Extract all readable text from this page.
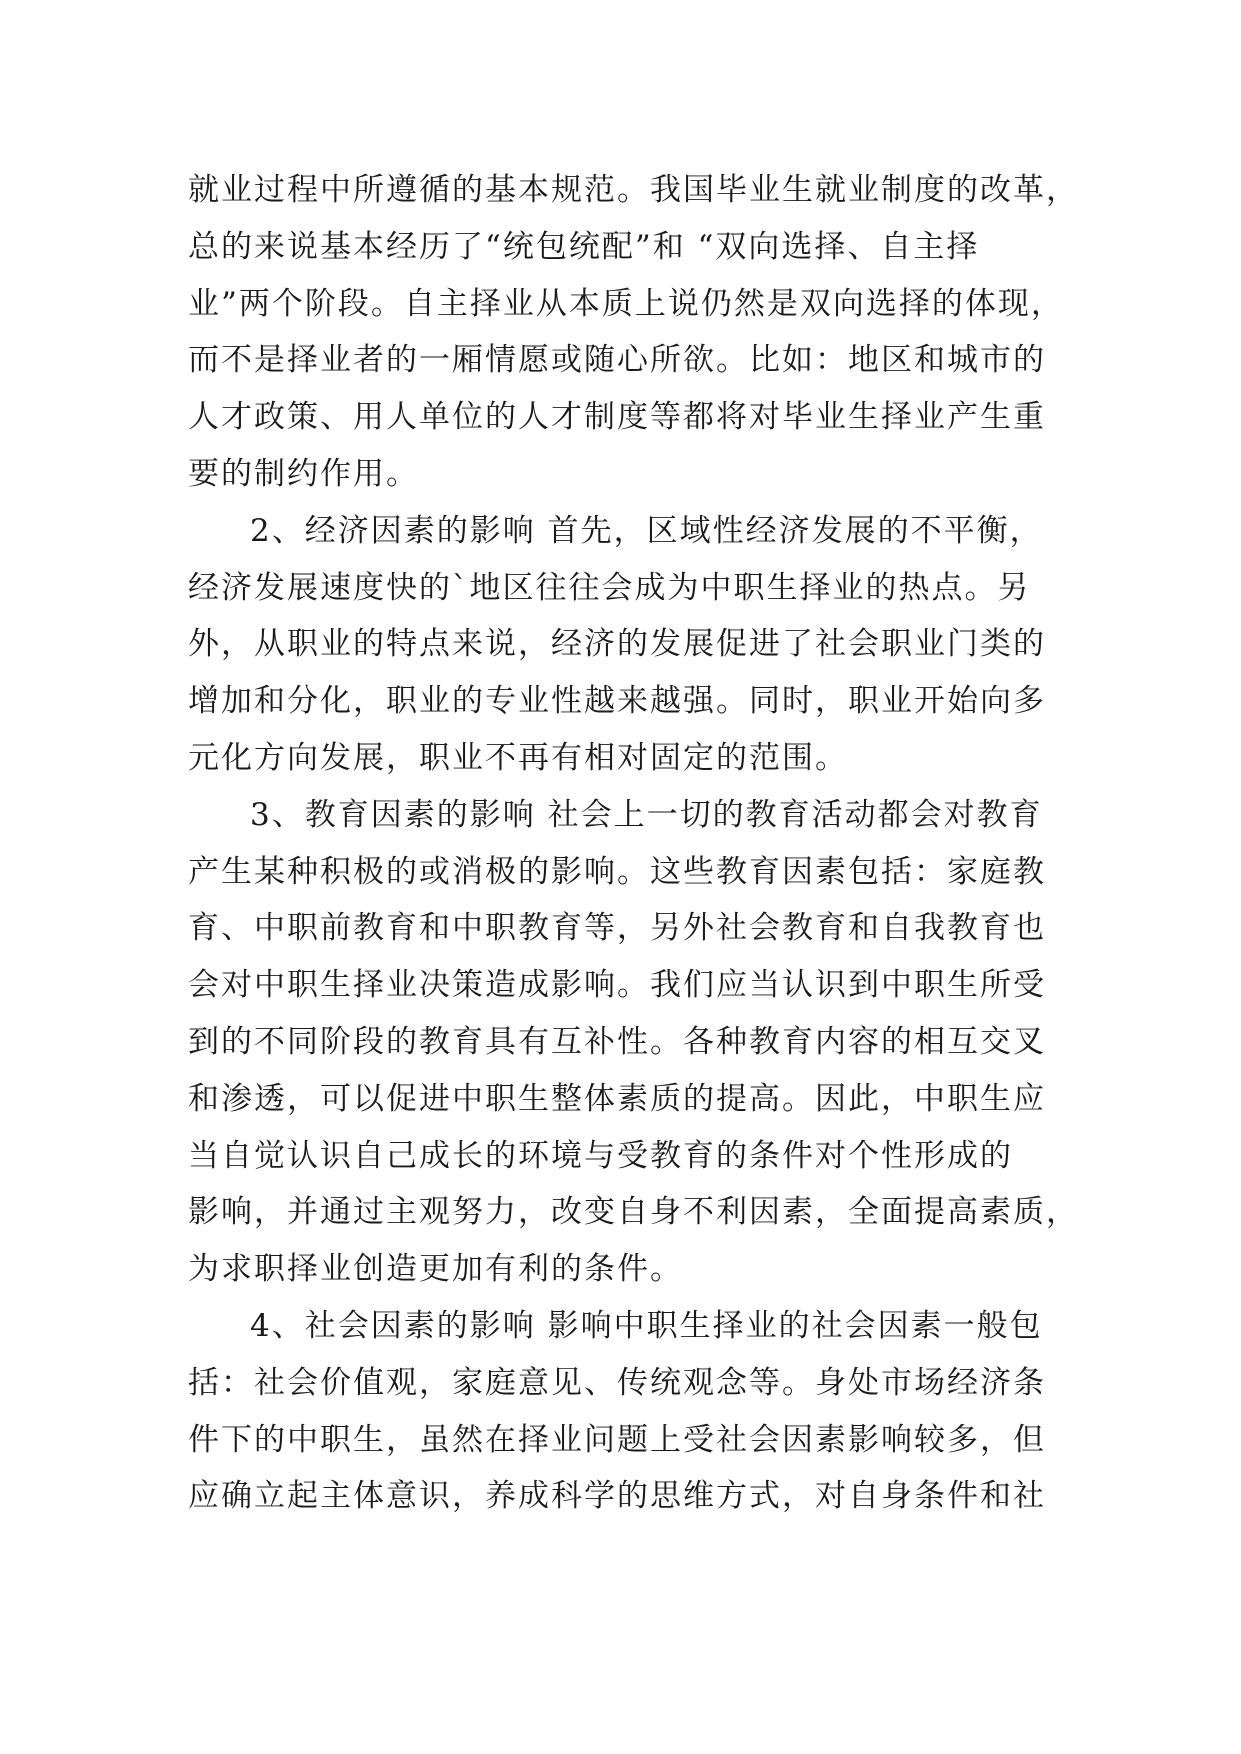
就业过程中所遵循的基本规范。我国毕业生就业制度的改革，
总的来说基本经历了“统包统配”和 “双向选择、自主择
业”两个阶段。自主择业从本质上说仍然是双向选择的体现，
而不是择业者的一厢情愿或随心所欲。比如：地区和城市的
人才政策、用人单位的人才制度等都将对毕业生择业产生重
要的制约作用。
2、经济因素的影响 首先，区域性经济发展的不平衡，
经济发展速度快的`地区往往会成为中职生择业的热点。另
外，从职业的特点来说，经济的发展促进了社会职业门类的
增加和分化，职业的专业性越来越强。同时，职业开始向多
元化方向发展，职业不再有相对固定的范围。
3、教育因素的影响 社会上一切的教育活动都会对教育
产生某种积极的或消极的影响。这些教育因素包括：家庭教
育、中职前教育和中职教育等，另外社会教育和自我教育也
会对中职生择业决策造成影响。我们应当认识到中职生所受
到的不同阶段的教育具有互补性。各种教育内容的相互交叉
和渗透，可以促进中职生整体素质的提高。因此，中职生应
当自觉认识自己成长的环境与受教育的条件对个性形成的
影响，并通过主观努力，改变自身不利因素，全面提高素质，
为求职择业创造更加有利的条件。
4、社会因素的影响 影响中职生择业的社会因素一般包
括：社会价值观，家庭意见、传统观念等。身处市场经济条
件下的中职生，虽然在择业问题上受社会因素影响较多，但
应确立起主体意识，养成科学的思维方式，对自身条件和社
